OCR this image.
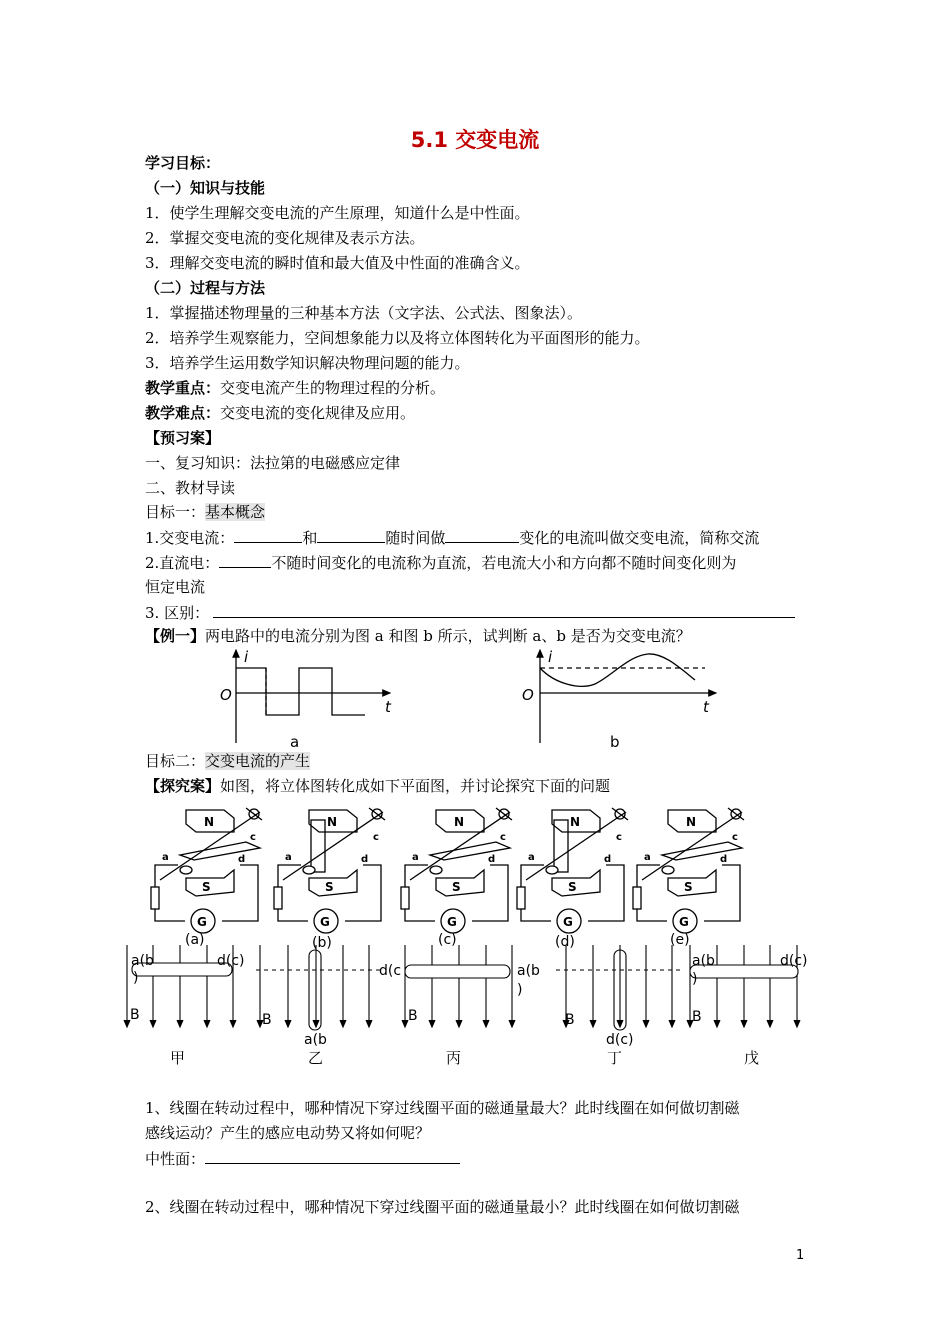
5.1 交变电流
学习目标：
（一）知识与技能
1．使学生理解交变电流的产生原理，知道什么是中性面。
2．掌握交变电流的变化规律及表示方法。
3．理解交变电流的瞬时值和最大值及中性面的准确含义。
（二）过程与方法
1．掌握描述物理量的三种基本方法（文字法、公式法、图象法）。
2．培养学生观察能力，空间想象能力以及将立体图转化为平面图形的能力。
3．培养学生运用数学知识解决物理问题的能力。
教学重点：交变电流产生的物理过程的分析。
教学难点：交变电流的变化规律及应用。
【预习案】
一、复习知识：法拉第的电磁感应定律
二、教材导读
目标一：基本概念
1.交变电流：	和	随时间做	变化的电流叫做交变电流，简称交流
2.直流电：	不随时间变化的电流称为直流，若电流大小和方向都不随时间变化则为
恒定电流
3. 区别：
【例一】两电路中的电流分别为图 a 和图 b 所示，试判断 a、b 是否为交变电流？
i
O
t
a
i
O
t
b
G
N
S
a	d
c
G
N
S
a	d
c
G
N
S
a	d
c
G
N
S
a	d
c
G
N
S
a	d
c
a(b
)
d(c)
B
d(c
a(b
B
a(b
)
B
d(c)
B
a(b
)
d(c)
B
目标二：交变电流的产生
【探究案】如图，将立体图转化成如下平面图，并讨论探究下面的问题
(a)	(b)	(c)	(d)	(e)
甲	乙	丙	丁	戊
1、线圈在转动过程中，哪种情况下穿过线圈平面的磁通量最大？此时线圈在如何做切割磁
感线运动？产生的感应电动势又将如何呢？
中性面：
2、线圈在转动过程中，哪种情况下穿过线圈平面的磁通量最小？此时线圈在如何做切割磁
1
